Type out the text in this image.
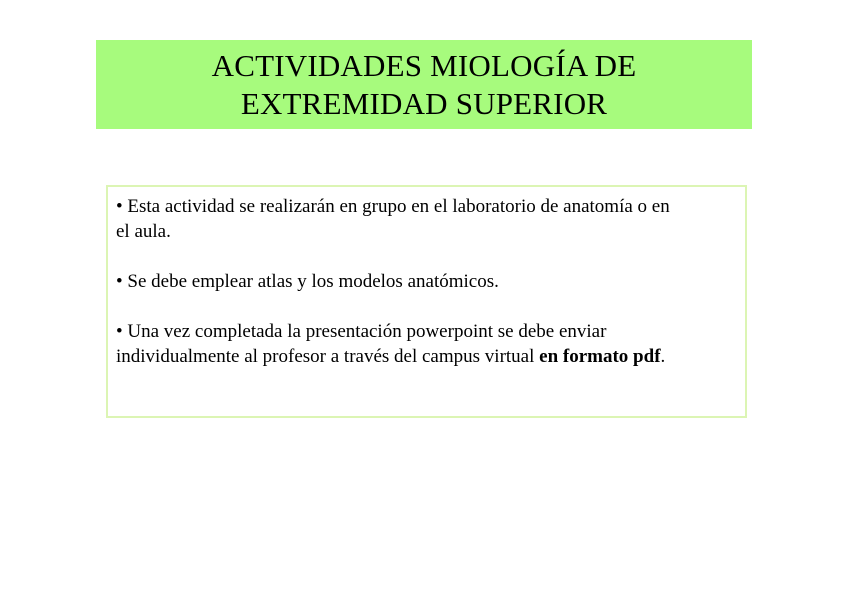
ACTIVIDADES MIOLOGÍA DE
EXTREMIDAD SUPERIOR

• Esta actividad se realizarán en grupo en el laboratorio de anatomía o en
el aula.

• Se debe emplear atlas y los modelos anatómicos.

• Una vez completada la presentación powerpoint se debe enviar
individualmente al profesor a través del campus virtual en formato pdf.
